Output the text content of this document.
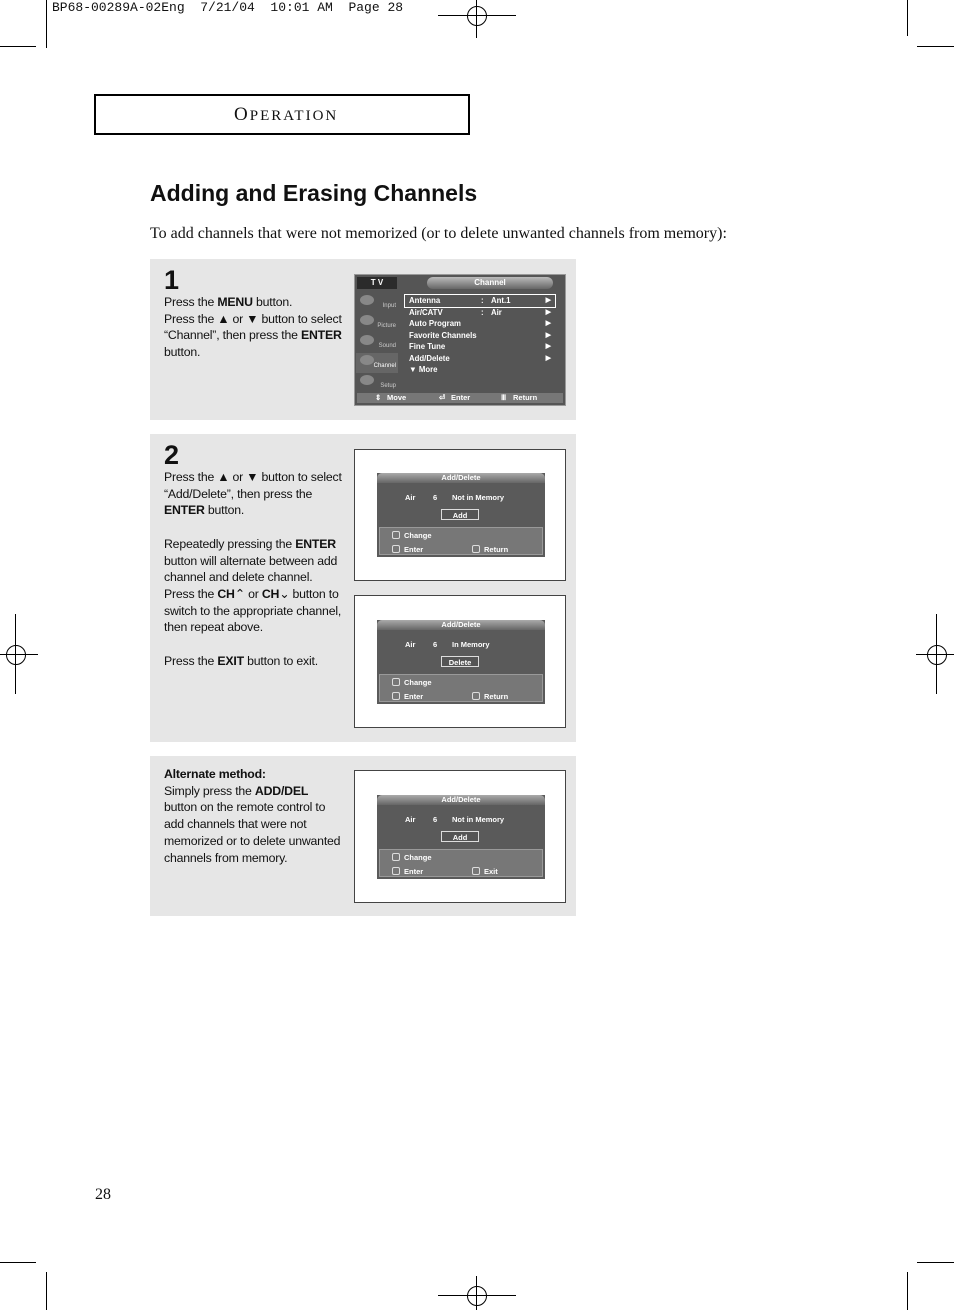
BP68-00289A-02Eng  7/21/04  10:01 AM  Page 28
OPERATION
Adding and Erasing Channels
To add channels that were not memorized (or to delete unwanted channels from memory):
1
Press the MENU button.
Press the ▲ or ▼ button to select “Channel”, then press the ENTER button.
T V	Channel
Input
Picture
Sound
Channel
Setup
Antenna	: Ant.1	▶
Air/CATV	: Air	▶
Auto Program	▶
Favorite Channels	▶
Fine Tune	▶
Add/Delete	▶
▼ More
⇕ Move	⏎ Enter	Ⅲ Return
2

Press the ▲ or ▼ button to select “Add/Delete”, then press the ENTER button.

Repeatedly pressing the ENTER button will alternate between add channel and delete channel. Press the CH⌃ or CH⌄ button to switch to the appropriate channel, then repeat above.

Press the EXIT button to exit.

Add/Delete
Air 6 Not in Memory
Add
Change
Enter	Return
Add/Delete
Air 6 In Memory
Delete
Change
Enter	Return
Alternate method:
Simply press the ADD/DEL button on the remote control to add channels that were not memorized or to delete unwanted channels from memory.
Add/Delete
Air 6 Not in Memory
Add
Change
Enter	Exit
28
